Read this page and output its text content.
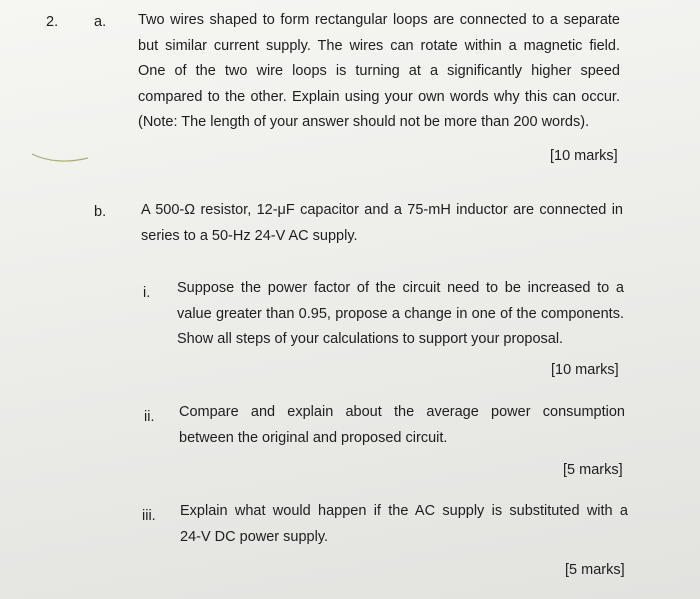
2. a. Two wires shaped to form rectangular loops are connected to a separate
but similar current supply. The wires can rotate within a magnetic field.
One of the two wire loops is turning at a significantly higher speed
compared to the other. Explain using your own words why this can occur.
(Note: The length of your answer should not be more than 200 words).
[10 marks]
b. A 500-Ω resistor, 12-μF capacitor and a 75-mH inductor are connected in
series to a 50-Hz 24-V AC supply.
i. Suppose the power factor of the circuit need to be increased to a
value greater than 0.95, propose a change in one of the components.
Show all steps of your calculations to support your proposal.
[10 marks]
ii. Compare and explain about the average power consumption
between the original and proposed circuit.
[5 marks]
iii. Explain what would happen if the AC supply is substituted with a
24-V DC power supply.
[5 marks]
